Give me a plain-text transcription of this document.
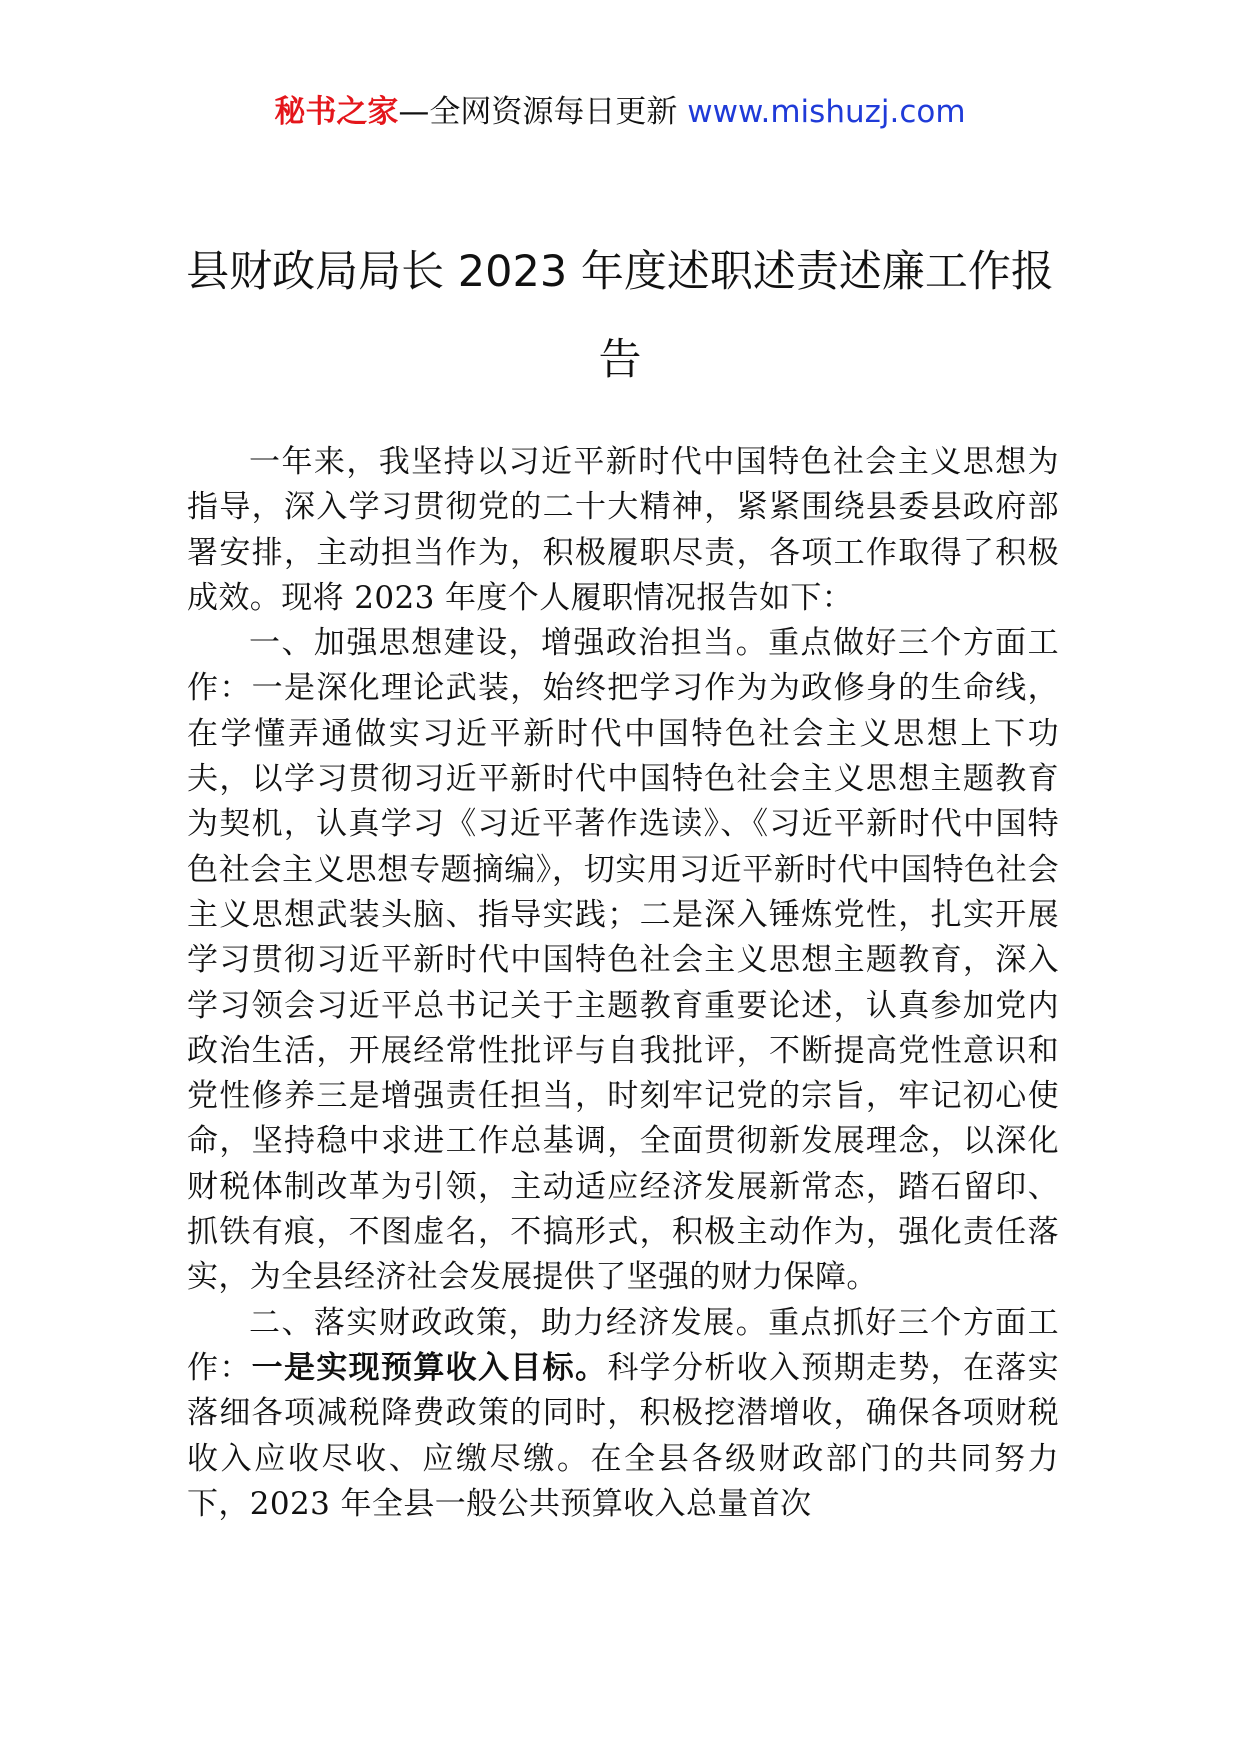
秘书之家—全网资源每日更新 www.mishuzj.com
县财政局局长 2023 年度述职述责述廉工作报告

一年来，我坚持以习近平新时代中国特色社会主义思想为指导，深入学习贯彻党的二十大精神，紧紧围绕县委县政府部署安排，主动担当作为，积极履职尽责，各项工作取得了积极成效。现将 2023 年度个人履职情况报告如下：

一、加强思想建设，增强政治担当。重点做好三个方面工作：一是深化理论武装，始终把学习作为为政修身的生命线，在学懂弄通做实习近平新时代中国特色社会主义思想上下功夫，以学习贯彻习近平新时代中国特色社会主义思想主题教育为契机，认真学习《习近平著作选读》、《习近平新时代中国特色社会主义思想专题摘编》，切实用习近平新时代中国特色社会主义思想武装头脑、指导实践；二是深入锤炼党性，扎实开展学习贯彻习近平新时代中国特色社会主义思想主题教育，深入学习领会习近平总书记关于主题教育重要论述，认真参加党内政治生活，开展经常性批评与自我批评，不断提高党性意识和党性修养三是增强责任担当，时刻牢记党的宗旨，牢记初心使命，坚持稳中求进工作总基调，全面贯彻新发展理念，以深化财税体制改革为引领，主动适应经济发展新常态，踏石留印、抓铁有痕，不图虚名，不搞形式，积极主动作为，强化责任落实，为全县经济社会发展提供了坚强的财力保障。

二、落实财政政策，助力经济发展。重点抓好三个方面工作：一是实现预算收入目标。科学分析收入预期走势，在落实落细各项减税降费政策的同时，积极挖潜增收，确保各项财税收入应收尽收、应缴尽缴。在全县各级财政部门的共同努力下，2023 年全县一般公共预算收入总量首次
